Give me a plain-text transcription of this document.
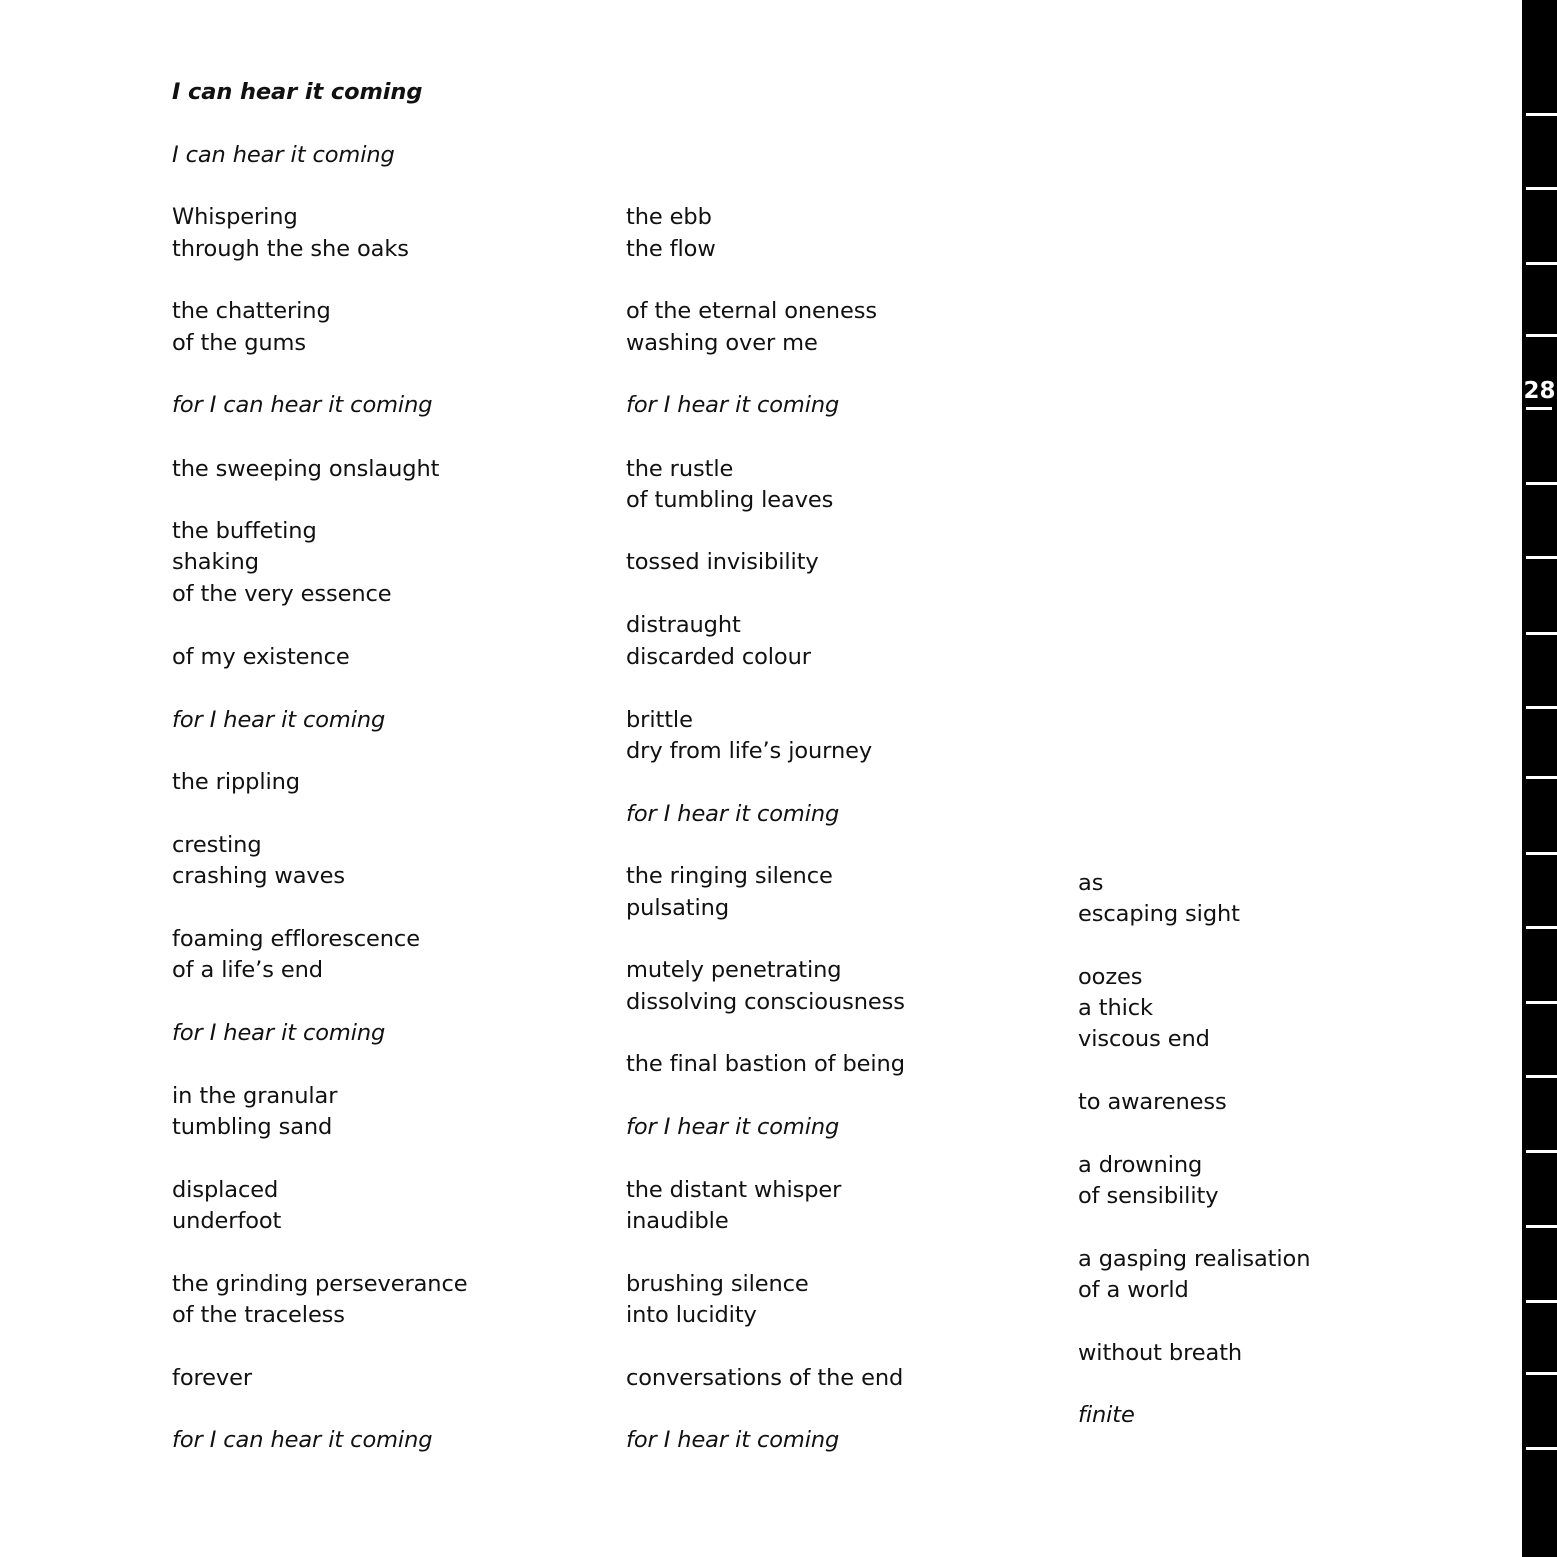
I can hear it coming
I can hear it coming
Whispering
through the she oaks
the chattering
of the gums
for I can hear it coming
the sweeping onslaught
the buffeting
shaking
of the very essence
of my existence
for I hear it coming
the rippling
cresting
crashing waves
foaming efflorescence
of a life’s end
for I hear it coming
in the granular
tumbling sand
displaced
underfoot
the grinding perseverance
of the traceless
forever
for I can hear it coming
the ebb
the flow
of the eternal oneness
washing over me
for I hear it coming
the rustle
of tumbling leaves
tossed invisibility
distraught
discarded colour
brittle
dry from life’s journey
for I hear it coming
the ringing silence
pulsating
mutely penetrating
dissolving consciousness
the final bastion of being
for I hear it coming
the distant whisper
inaudible
brushing silence
into lucidity
conversations of the end
for I hear it coming
as
escaping sight
oozes
a thick
viscous end
to awareness
a drowning
of sensibility
a gasping realisation
of a world
without breath
finite
28
